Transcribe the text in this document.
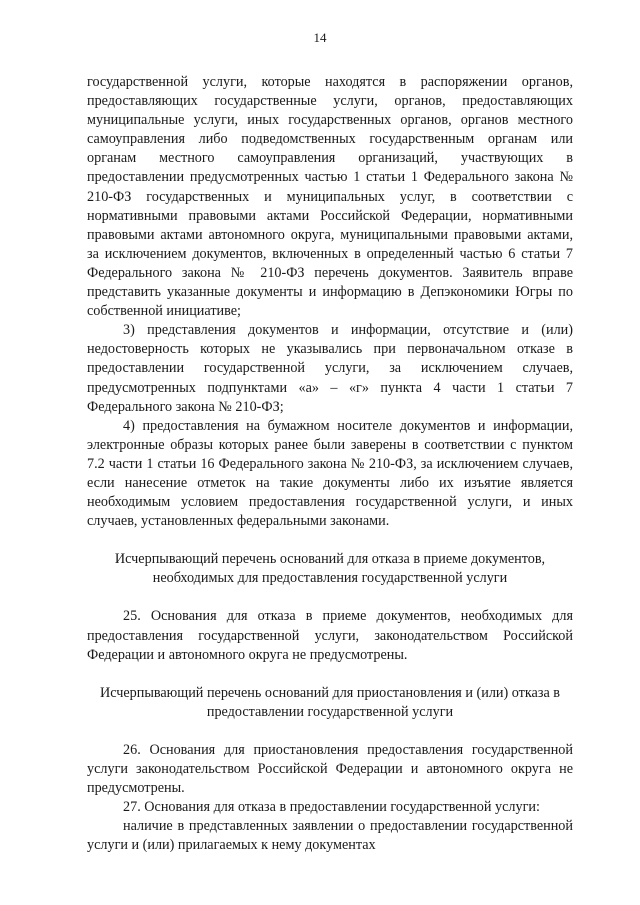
14

государственной услуги, которые находятся в распоряжении органов, предоставляющих государственные услуги, органов, предоставляющих муниципальные услуги, иных государственных органов, органов местного самоуправления либо подведомственных государственным органам или органам местного самоуправления организаций, участвующих в предоставлении предусмотренных частью 1 статьи 1 Федерального закона № 210-ФЗ государственных и муниципальных услуг, в соответствии с нормативными правовыми актами Российской Федерации, нормативными правовыми актами автономного округа, муниципальными правовыми актами, за исключением документов, включенных в определенный частью 6 статьи 7 Федерального закона № 210-ФЗ перечень документов. Заявитель вправе представить указанные документы и информацию в Депэкономики Югры по собственной инициативе;

3) представления документов и информации, отсутствие и (или) недостоверность которых не указывались при первоначальном отказе в предоставлении государственной услуги, за исключением случаев, предусмотренных подпунктами «а» – «г» пункта 4 части 1 статьи 7 Федерального закона № 210-ФЗ;

4) предоставления на бумажном носителе документов и информации, электронные образы которых ранее были заверены в соответствии с пунктом 7.2 части 1 статьи 16 Федерального закона № 210-ФЗ, за исключением случаев, если нанесение отметок на такие документы либо их изъятие является необходимым условием предоставления государственной услуги, и иных случаев, установленных федеральными законами.

Исчерпывающий перечень оснований для отказа в приеме документов, необходимых для предоставления государственной услуги

25. Основания для отказа в приеме документов, необходимых для предоставления государственной услуги, законодательством Российской Федерации и автономного округа не предусмотрены.

Исчерпывающий перечень оснований для приостановления и (или) отказа в предоставлении государственной услуги

26. Основания для приостановления предоставления государственной услуги законодательством Российской Федерации и автономного округа не предусмотрены.

27. Основания для отказа в предоставлении государственной услуги:

наличие в представленных заявлении о предоставлении государственной услуги и (или) прилагаемых к нему документах
